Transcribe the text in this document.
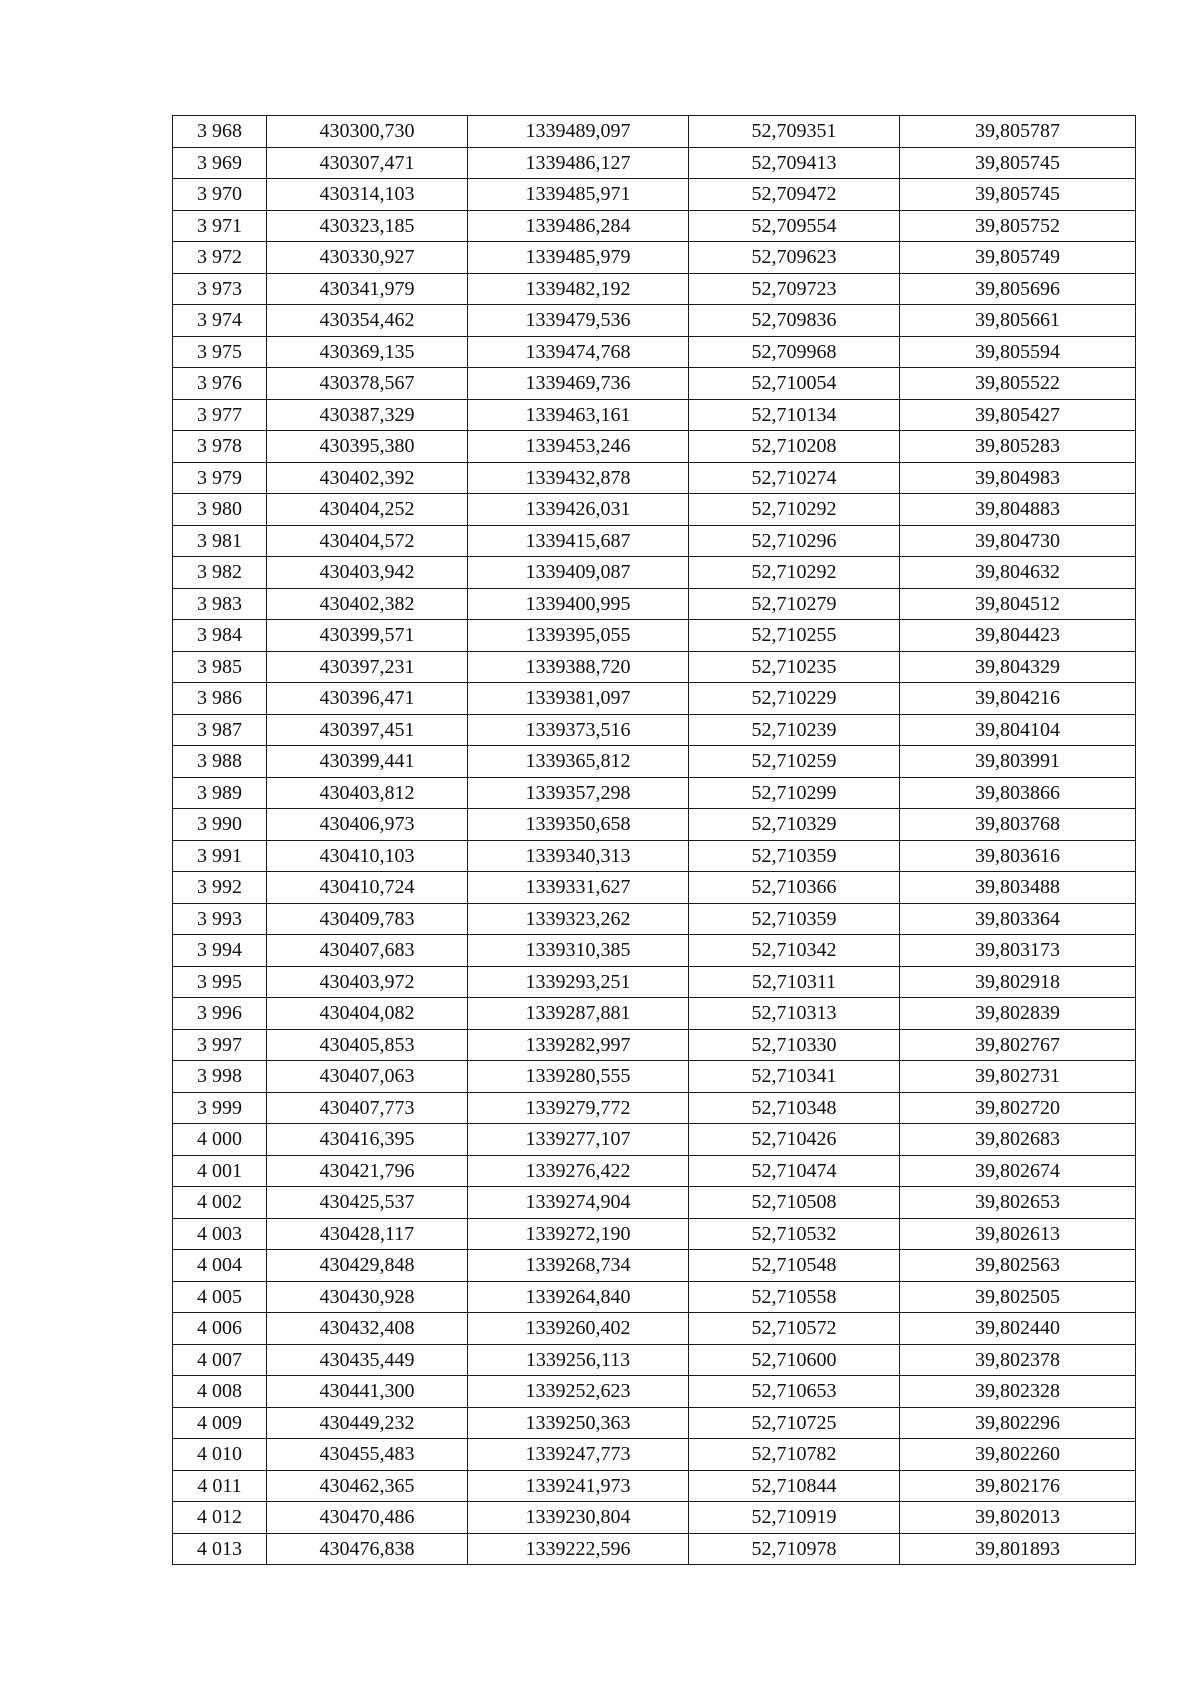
3 968	430300,730	1339489,097	52,709351	39,805787
3 969	430307,471	1339486,127	52,709413	39,805745
3 970	430314,103	1339485,971	52,709472	39,805745
3 971	430323,185	1339486,284	52,709554	39,805752
3 972	430330,927	1339485,979	52,709623	39,805749
3 973	430341,979	1339482,192	52,709723	39,805696
3 974	430354,462	1339479,536	52,709836	39,805661
3 975	430369,135	1339474,768	52,709968	39,805594
3 976	430378,567	1339469,736	52,710054	39,805522
3 977	430387,329	1339463,161	52,710134	39,805427
3 978	430395,380	1339453,246	52,710208	39,805283
3 979	430402,392	1339432,878	52,710274	39,804983
3 980	430404,252	1339426,031	52,710292	39,804883
3 981	430404,572	1339415,687	52,710296	39,804730
3 982	430403,942	1339409,087	52,710292	39,804632
3 983	430402,382	1339400,995	52,710279	39,804512
3 984	430399,571	1339395,055	52,710255	39,804423
3 985	430397,231	1339388,720	52,710235	39,804329
3 986	430396,471	1339381,097	52,710229	39,804216
3 987	430397,451	1339373,516	52,710239	39,804104
3 988	430399,441	1339365,812	52,710259	39,803991
3 989	430403,812	1339357,298	52,710299	39,803866
3 990	430406,973	1339350,658	52,710329	39,803768
3 991	430410,103	1339340,313	52,710359	39,803616
3 992	430410,724	1339331,627	52,710366	39,803488
3 993	430409,783	1339323,262	52,710359	39,803364
3 994	430407,683	1339310,385	52,710342	39,803173
3 995	430403,972	1339293,251	52,710311	39,802918
3 996	430404,082	1339287,881	52,710313	39,802839
3 997	430405,853	1339282,997	52,710330	39,802767
3 998	430407,063	1339280,555	52,710341	39,802731
3 999	430407,773	1339279,772	52,710348	39,802720
4 000	430416,395	1339277,107	52,710426	39,802683
4 001	430421,796	1339276,422	52,710474	39,802674
4 002	430425,537	1339274,904	52,710508	39,802653
4 003	430428,117	1339272,190	52,710532	39,802613
4 004	430429,848	1339268,734	52,710548	39,802563
4 005	430430,928	1339264,840	52,710558	39,802505
4 006	430432,408	1339260,402	52,710572	39,802440
4 007	430435,449	1339256,113	52,710600	39,802378
4 008	430441,300	1339252,623	52,710653	39,802328
4 009	430449,232	1339250,363	52,710725	39,802296
4 010	430455,483	1339247,773	52,710782	39,802260
4 011	430462,365	1339241,973	52,710844	39,802176
4 012	430470,486	1339230,804	52,710919	39,802013
4 013	430476,838	1339222,596	52,710978	39,801893
